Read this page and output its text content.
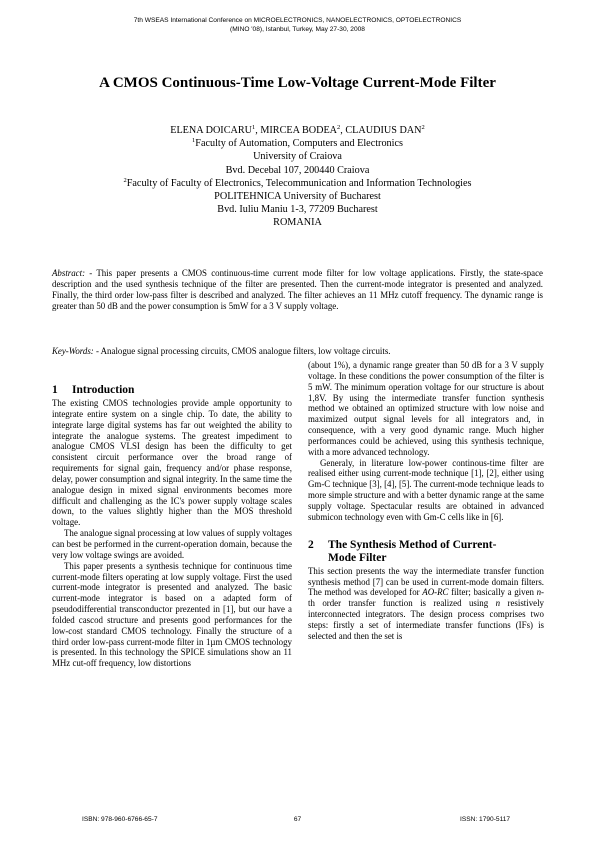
7th WSEAS International Conference on MICROELECTRONICS, NANOELECTRONICS, OPTOELECTRONICS
(MINO '08), Istanbul, Turkey, May 27-30, 2008
A CMOS Continuous-Time Low-Voltage Current-Mode Filter
ELENA DOICARU$^1$, MIRCEA BODEA$^2$, CLAUDIUS DAN$^2$
$^1$Faculty of Automation, Computers and Electronics
University of Craiova
Bvd. Decebal 107, 200440 Craiova
$^2$Faculty of Faculty of Electronics, Telecommunication and Information Technologies
POLITEHNICA University of Bucharest
Bvd. Iuliu Maniu 1-3, 77209 Bucharest
ROMANIA
Abstract: - This paper presents a CMOS continuous-time current mode filter for low voltage applications. Firstly, the state-space description and the used synthesis technique of the filter are presented. Then the current-mode integrator is presented and analyzed. Finally, the third order low-pass filter is described and analyzed. The filter achieves an 11 MHz cutoff frequency. The dynamic range is greater than 50 dB and the power consumption is 5mW for a 3 V supply voltage.
Key-Words: - Analogue signal processing circuits, CMOS analogue filters, low voltage circuits.
1	Introduction

The existing CMOS technologies provide ample opportunity to integrate entire system on a single chip. To date, the ability to integrate large digital systems has far out weighted the ability to integrate the analogue systems. The greatest impediment to analogue CMOS VLSI design has been the difficulty to get consistent circuit performance over the broad range of requirements for signal gain, frequency and/or phase response, delay, power consumption and signal integrity. In the same time the analogue design in mixed signal environments becomes more difficult and challenging as the IC's power supply voltage scales down, to the values slightly higher than the MOS threshold voltage.

The analogue signal processing at low values of supply voltages can best be performed in the current-operation domain, because the very low voltage swings are avoided.

This paper presents a synthesis technique for continuous time current-mode filters operating at low supply voltage. First the used current-mode integrator is presented and analyzed. The basic current-mode integrator is based on a adapted form of pseudodifferential transconductor prezented in [1], but our have a folded cascod structure and presents good performances for the low-cost standard CMOS technology. Finally the structure of a third order low-pass current-mode filter in 1µm CMOS technology is presented. In this technology the SPICE simulations show an 11 MHz cut-off frequency, low distortions

(about 1%), a dynamic range greater than 50 dB for a 3 V supply voltage. In these conditions the power consumption of the filter is 5 mW. The minimum operation voltage for our structure is about 1,8V. By using the intermediate transfer function synthesis method we obtained an optimized structure with low noise and maximized output signal levels for all integrators and, in consequence, with a very good dynamic range. Much higher performances could be achieved, using this synthesis technique, with a more advanced technology.

Generaly, in literature low-power continous-time filter are realised either using current-mode technique [1], [2], either using Gm-C technique [3], [4], [5]. The current-mode technique leads to more simple structure and with a better dynamic range at the same supply voltage. Spectacular results are obtained in advanced submicon technology even with Gm-C cells like in [6].

2	The Synthesis Method of Current-
Mode Filter

This section presents the way the intermediate transfer function synthesis method [7] can be used in current-mode domain filters. The method was developed for AO-RC filter; basically a given n-th order transfer function is realized using n resistively interconnected integrators. The design process comprises two steps: firstly a set of intermediate transfer functions (IFs) is selected and then the set is

ISBN: 978-960-6766-65-7	67	ISSN: 1790-5117
